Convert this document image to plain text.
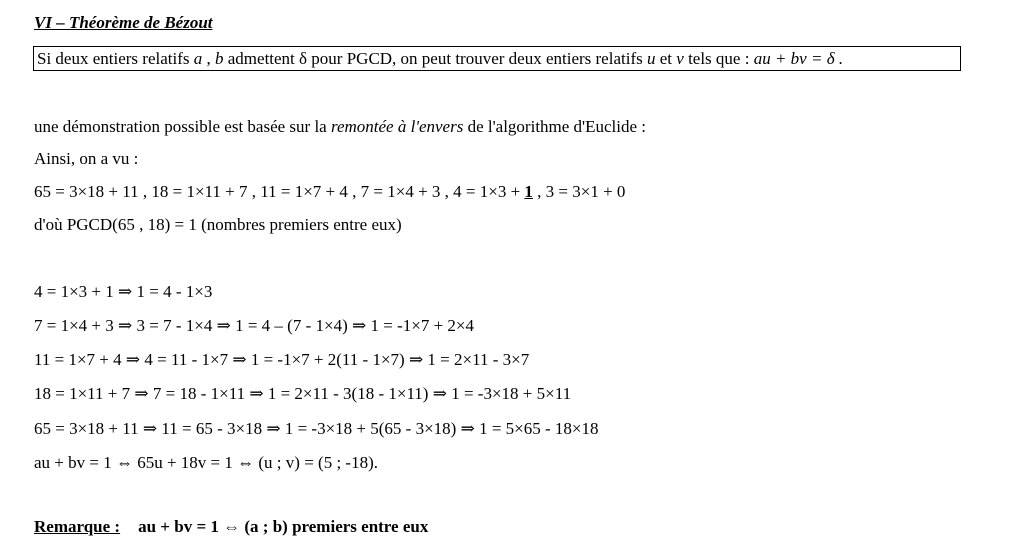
VI – Théorème de Bézout
Si deux entiers relatifs a , b admettent δ pour PGCD, on peut trouver deux entiers relatifs u et v tels que : au + bv = δ .
une démonstration possible est basée sur la remontée à l'envers de l'algorithme d'Euclide :
Ainsi, on a vu :
65 = 3×18 + 11 , 18 = 1×11 + 7 , 11 = 1×7 + 4 , 7 = 1×4 + 3 , 4 = 1×3 + 1 , 3 = 3×1 + 0
d'où PGCD(65 , 18) = 1 (nombres premiers entre eux)
4 = 1×3 + 1 ⇒ 1 = 4 - 1×3
7 = 1×4 + 3 ⇒ 3 = 7 - 1×4 ⇒ 1 = 4 – (7 - 1×4) ⇒ 1 = -1×7 + 2×4
11 = 1×7 + 4 ⇒ 4 = 11 - 1×7 ⇒ 1 = -1×7 + 2(11 - 1×7) ⇒ 1 = 2×11 - 3×7
18 = 1×11 + 7 ⇒ 7 = 18 - 1×11 ⇒ 1 = 2×11 - 3(18 - 1×11) ⇒ 1 = -3×18 + 5×11
65 = 3×18 + 11 ⇒ 11 = 65 - 3×18 ⇒ 1 = -3×18 + 5(65 - 3×18) ⇒ 1 = 5×65 - 18×18
au + bv = 1 ⇔ 65u + 18v = 1 ⇔ (u ; v) = (5 ; -18).
Remarque : au + bv = 1 ⇔ (a ; b) premiers entre eux
